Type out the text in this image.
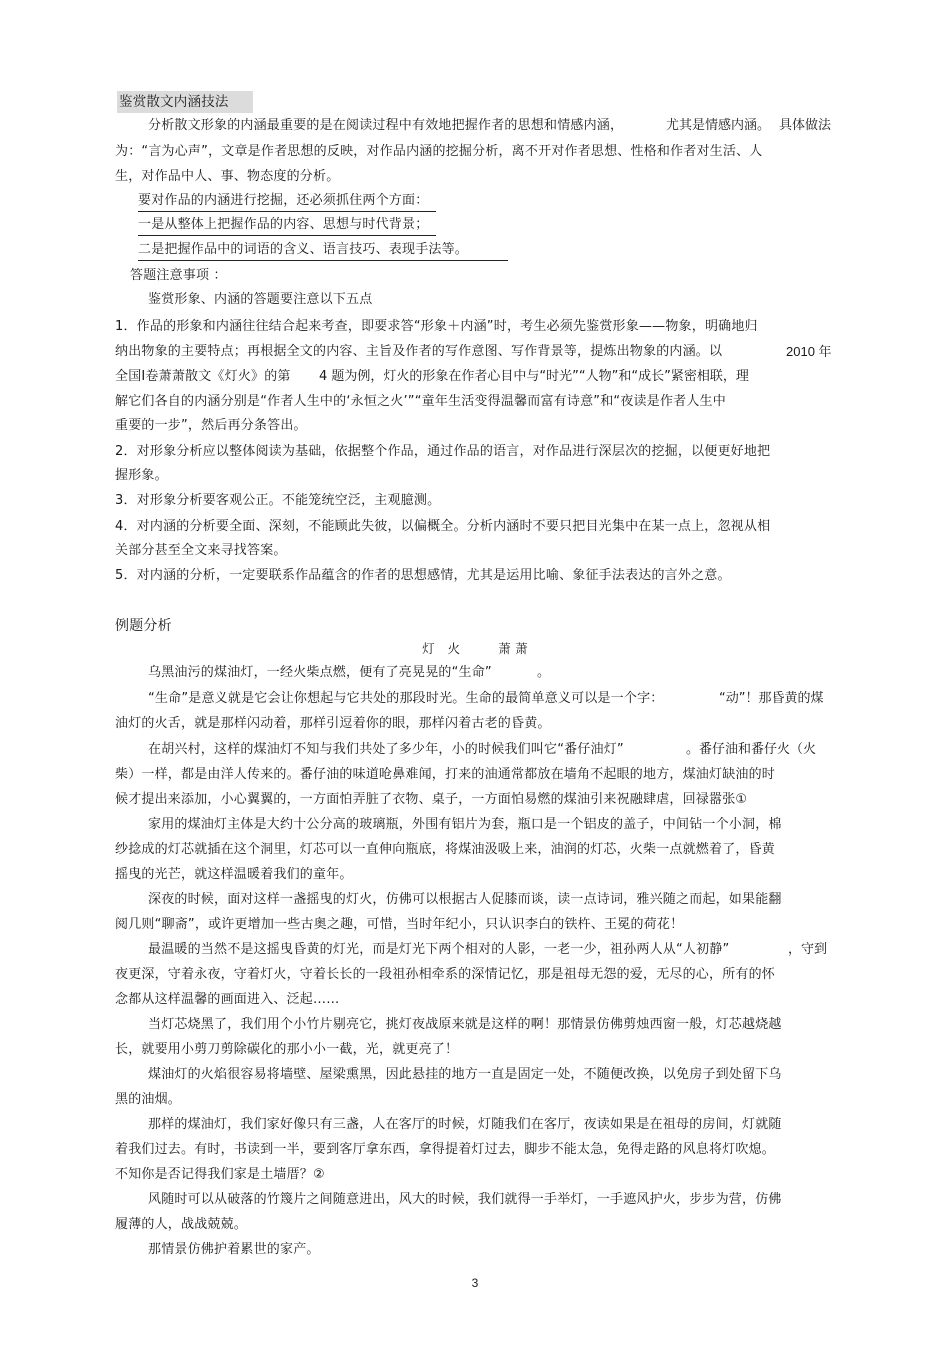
鉴赏散文内涵技法
分析散文形象的内涵最重要的是在阅读过程中有效地把握作者的思想和情感内涵，	尤其是情感内涵。 具体做法
为：“言为心声”，文章是作者思想的反映，对作品内涵的挖掘分析，离不开对作者思想、性格和作者对生活、人
生，对作品中人、事、物态度的分析。
要对作品的内涵进行挖掘，还必须抓住两个方面：
一是从整体上把握作品的内容、思想与时代背景；
二是把握作品中的词语的含义、语言技巧、表现手法等。
答题注意事项 ：
鉴赏形象、内涵的答题要注意以下五点
1．作品的形象和内涵往往结合起来考查，即要求答“形象＋内涵”时，考生必须先鉴赏形象——物象，明确地归
纳出物象的主要特点；再根据全文的内容、主旨及作者的写作意图、写作背景等，提炼出物象的内涵。以	2010 年
全国Ⅰ卷萧萧散文《灯火》的第 4 题为例，灯火的形象在作者心目中与“时光”“人物”和“成长”紧密相联，理
解它们各自的内涵分别是“作者人生中的‘永恒之火’”“童年生活变得温馨而富有诗意”和“夜读是作者人生中
重要的一步”，然后再分条答出。
2．对形象分析应以整体阅读为基础，依据整个作品，通过作品的语言，对作品进行深层次的挖掘，以便更好地把
握形象。
3．对形象分析要客观公正。不能笼统空泛，主观臆测。
4．对内涵的分析要全面、深刻，不能顾此失彼，以偏概全。分析内涵时不要只把目光集中在某一点上，忽视从相
关部分甚至全文来寻找答案。
5．对内涵的分析，一定要联系作品蕴含的作者的思想感情，尤其是运用比喻、象征手法表达的言外之意。
例题分析
灯　火　　　萧 萧
乌黑油污的煤油灯，一经火柴点燃，便有了亮晃晃的“生命”	。
“生命”是意义就是它会让你想起与它共处的那段时光。生命的最简单意义可以是一个字：	“动”！那昏黄的煤
油灯的火舌，就是那样闪动着，那样引逗着你的眼，那样闪着古老的昏黄。
在胡兴村，这样的煤油灯不知与我们共处了多少年，小的时候我们叫它“番仔油灯”	。番仔油和番仔火（火
柴）一样，都是由洋人传来的。番仔油的味道呛鼻难闻，打来的油通常都放在墙角不起眼的地方，煤油灯缺油的时
候才提出来添加，小心翼翼的，一方面怕弄脏了衣物、桌子，一方面怕易燃的煤油引来祝融肆虐，回禄嚣张①
家用的煤油灯主体是大约十公分高的玻璃瓶，外围有铝片为套，瓶口是一个铝皮的盖子，中间钻一个小洞，棉
纱捻成的灯芯就插在这个洞里，灯芯可以一直伸向瓶底，将煤油汲吸上来，油润的灯芯，火柴一点就燃着了，昏黄
摇曳的光芒，就这样温暖着我们的童年。
深夜的时候，面对这样一盏摇曳的灯火，仿佛可以根据古人促膝而谈，读一点诗词，雅兴随之而起，如果能翻
阅几则“聊斋”，或许更增加一些古奥之趣，可惜，当时年纪小，只认识李白的铁杵、王冕的荷花！
最温暖的当然不是这摇曳昏黄的灯光，而是灯光下两个相对的人影，一老一少，祖孙两人从“人初静”	，守到
夜更深，守着永夜，守着灯火，守着长长的一段祖孙相牵系的深情记忆，那是祖母无怨的爱，无尽的心，所有的怀
念都从这样温馨的画面进入、泛起……
当灯芯烧黑了，我们用个小竹片剔亮它，挑灯夜战原来就是这样的啊！那情景仿佛剪烛西窗一般，灯芯越烧越
长，就要用小剪刀剪除碳化的那小小一截，光，就更亮了！
煤油灯的火焰很容易将墙壁、屋梁熏黑，因此悬挂的地方一直是固定一处，不随便改换，以免房子到处留下乌
黑的油烟。
那样的煤油灯，我们家好像只有三盏，人在客厅的时候，灯随我们在客厅，夜读如果是在祖母的房间，灯就随
着我们过去。有时，书读到一半，要到客厅拿东西，拿得提着灯过去，脚步不能太急，免得走路的风息将灯吹熄。
不知你是否记得我们家是土墙厝？②
风随时可以从破落的竹篾片之间随意进出，风大的时候，我们就得一手举灯，一手遮风护火，步步为营，仿佛
履薄的人，战战兢兢。
那情景仿佛护着累世的家产。
3
